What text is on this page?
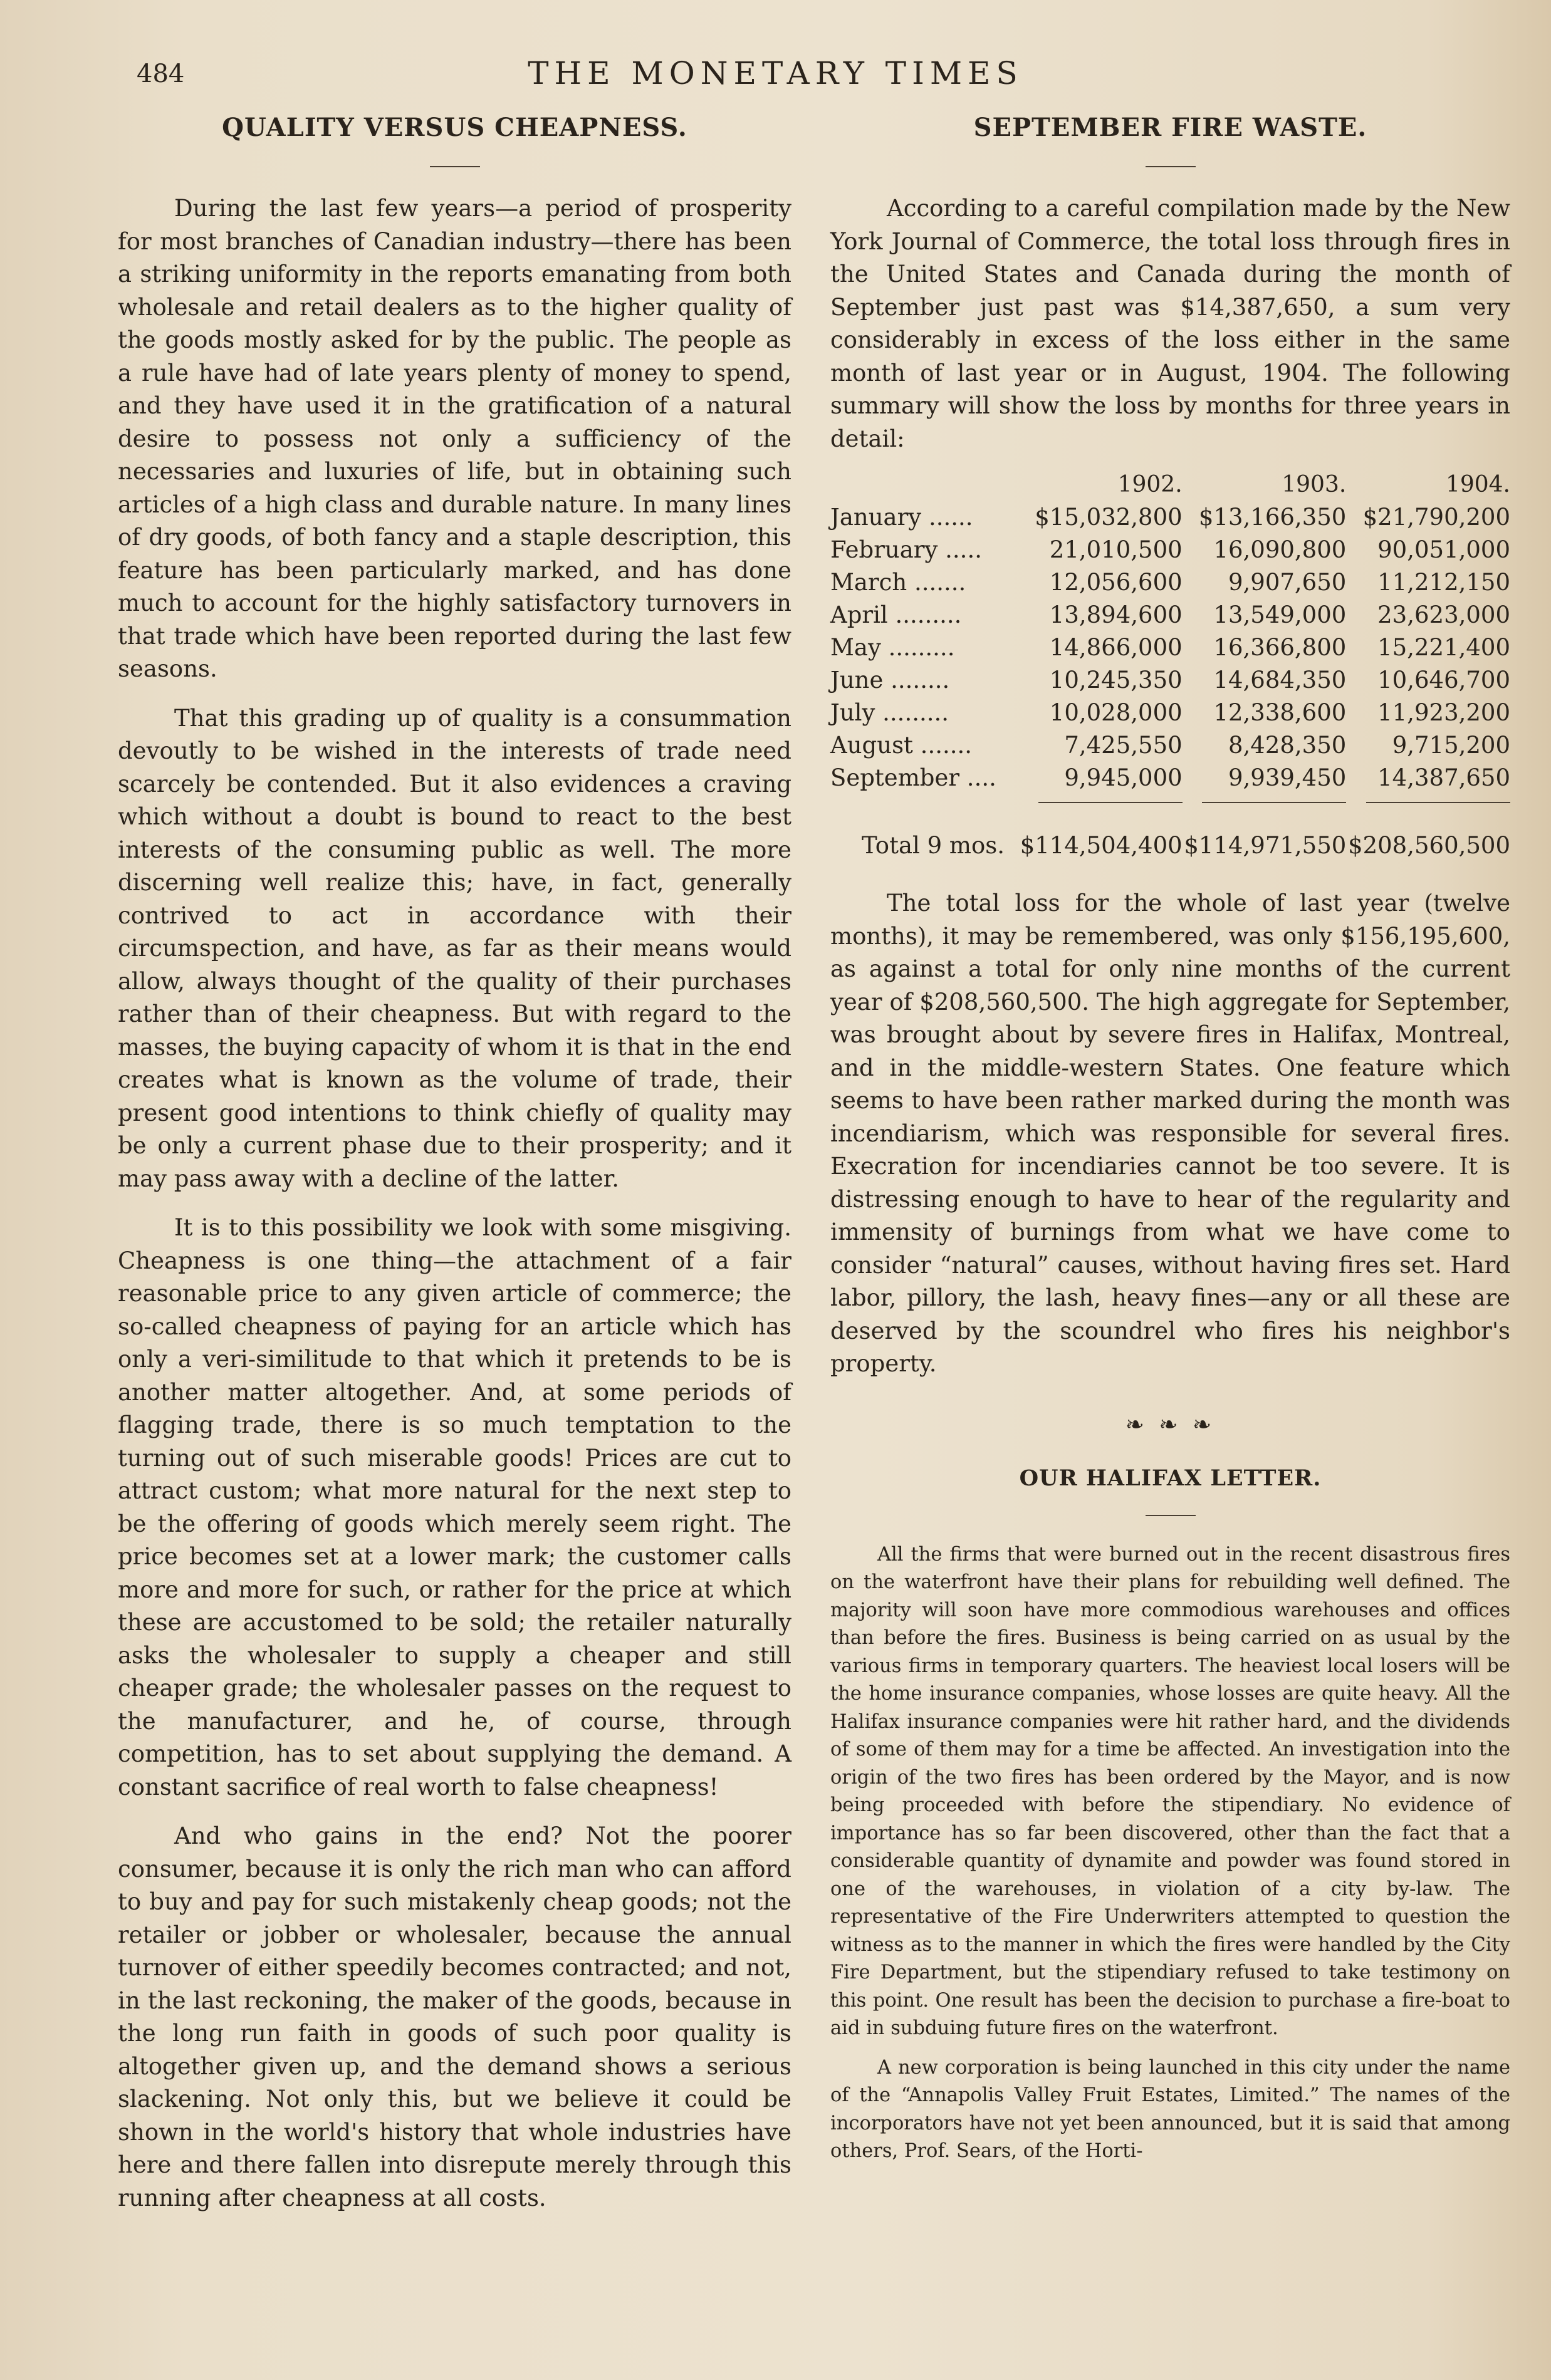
484	THE MONETARY TIMES
QUALITY VERSUS CHEAPNESS.

During the last few years—a period of prosperity for most branches of Canadian industry—there has been a striking uniformity in the reports emanating from both wholesale and retail dealers as to the higher quality of the goods mostly asked for by the public. The people as a rule have had of late years plenty of money to spend, and they have used it in the gratification of a natural desire to possess not only a sufficiency of the necessaries and luxuries of life, but in obtaining such articles of a high class and durable nature. In many lines of dry goods, of both fancy and a staple description, this feature has been particularly marked, and has done much to account for the highly satisfactory turnovers in that trade which have been reported during the last few seasons.

That this grading up of quality is a consummation devoutly to be wished in the interests of trade need scarcely be contended. But it also evidences a craving which without a doubt is bound to react to the best interests of the consuming public as well. The more discerning well realize this; have, in fact, generally contrived to act in accordance with their circumspection, and have, as far as their means would allow, always thought of the quality of their purchases rather than of their cheapness. But with regard to the masses, the buying capacity of whom it is that in the end creates what is known as the volume of trade, their present good intentions to think chiefly of quality may be only a current phase due to their prosperity; and it may pass away with a decline of the latter.

It is to this possibility we look with some misgiving. Cheapness is one thing—the attachment of a fair reasonable price to any given article of commerce; the so-called cheapness of paying for an article which has only a veri-similitude to that which it pretends to be is another matter altogether. And, at some periods of flagging trade, there is so much temptation to the turning out of such miserable goods! Prices are cut to attract custom; what more natural for the next step to be the offering of goods which merely seem right. The price becomes set at a lower mark; the customer calls more and more for such, or rather for the price at which these are accustomed to be sold; the retailer naturally asks the wholesaler to supply a cheaper and still cheaper grade; the wholesaler passes on the request to the manufacturer, and he, of course, through competition, has to set about supplying the demand. A constant sacrifice of real worth to false cheapness!

And who gains in the end? Not the poorer consumer, because it is only the rich man who can afford to buy and pay for such mistakenly cheap goods; not the retailer or jobber or wholesaler, because the annual turnover of either speedily becomes contracted; and not, in the last reckoning, the maker of the goods, because in the long run faith in goods of such poor quality is altogether given up, and the demand shows a serious slackening. Not only this, but we believe it could be shown in the world's history that whole industries have here and there fallen into disrepute merely through this running after cheapness at all costs.

SEPTEMBER FIRE WASTE.

According to a careful compilation made by the New York Journal of Commerce, the total loss through fires in the United States and Canada during the month of September just past was $14,387,650, a sum very considerably in excess of the loss either in the same month of last year or in August, 1904. The following summary will show the loss by months for three years in detail:

	1902.	1903.	1904.
January ......	$15,032,800	$13,166,350	$21,790,200
February .....	21,010,500	16,090,800	90,051,000
March .......	12,056,600	9,907,650	11,212,150
April .........	13,894,600	13,549,000	23,623,000
May .........	14,866,000	16,366,800	15,221,400
June ........	10,245,350	14,684,350	10,646,700
July .........	10,028,000	12,338,600	11,923,200
August .......	7,425,550	8,428,350	9,715,200
September ....	9,945,000	9,939,450	14,387,650

Total 9 mos.	$114,504,400	$114,971,550	$208,560,500

The total loss for the whole of last year (twelve months), it may be remembered, was only $156,195,600, as against a total for only nine months of the current year of $208,560,500. The high aggregate for September, was brought about by severe fires in Halifax, Montreal, and in the middle-western States. One feature which seems to have been rather marked during the month was incendiarism, which was responsible for several fires. Execration for incendiaries cannot be too severe. It is distressing enough to have to hear of the regularity and immensity of burnings from what we have come to consider “natural” causes, without having fires set. Hard labor, pillory, the lash, heavy fines—any or all these are deserved by the scoundrel who fires his neighbor's property.

❧ ❧ ❧
OUR HALIFAX LETTER.

All the firms that were burned out in the recent disastrous fires on the waterfront have their plans for rebuilding well defined. The majority will soon have more commodious warehouses and offices than before the fires. Business is being carried on as usual by the various firms in temporary quarters. The heaviest local losers will be the home insurance companies, whose losses are quite heavy. All the Halifax insurance companies were hit rather hard, and the dividends of some of them may for a time be affected. An investigation into the origin of the two fires has been ordered by the Mayor, and is now being proceeded with before the stipendiary. No evidence of importance has so far been discovered, other than the fact that a considerable quantity of dynamite and powder was found stored in one of the warehouses, in violation of a city by-law. The representative of the Fire Underwriters attempted to question the witness as to the manner in which the fires were handled by the City Fire Department, but the stipendiary refused to take testimony on this point. One result has been the decision to purchase a fire-boat to aid in subduing future fires on the waterfront.

A new corporation is being launched in this city under the name of the “Annapolis Valley Fruit Estates, Limited.” The names of the incorporators have not yet been announced, but it is said that among others, Prof. Sears, of the Horti-
